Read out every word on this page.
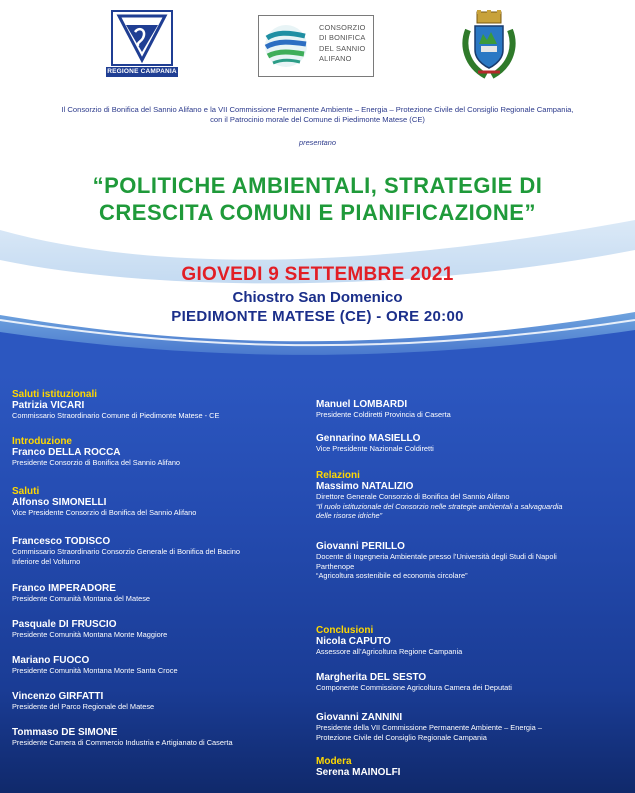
REGIONE CAMPANIA
CONSORZIO
DI BONIFICA
DEL SANNIO
ALIFANO
Il Consorzio di Bonifica del Sannio Alifano e la VII Commissione Permanente Ambiente – Energia – Protezione Civile del Consiglio Regionale Campania,
con il Patrocinio morale del Comune di Piedimonte Matese (CE)
presentano
“POLITICHE AMBIENTALI, STRATEGIE DI
CRESCITA COMUNI E PIANIFICAZIONE”
GIOVEDI 9 SETTEMBRE 2021
Chiostro San Domenico
PIEDIMONTE MATESE (CE) - ORE 20:00
Saluti istituzionali
Patrizia VICARI
Commissario Straordinario Comune di Piedimonte Matese - CE
Introduzione
Franco DELLA ROCCA
Presidente Consorzio di Bonifica del Sannio Alifano
Saluti
Alfonso SIMONELLI
Vice Presidente Consorzio di Bonifica del Sannio Alifano
Francesco TODISCO
Commissario Straordinario Consorzio Generale di Bonifica del Bacino
Inferiore del Volturno
Franco IMPERADORE
Presidente Comunità Montana del Matese
Pasquale DI FRUSCIO
Presidente Comunità Montana Monte Maggiore
Mariano FUOCO
Presidente Comunità Montana Monte Santa Croce
Vincenzo GIRFATTI
Presidente del Parco Regionale del Matese
Tommaso DE SIMONE
Presidente Camera di Commercio Industria e Artigianato di Caserta
Manuel LOMBARDI
Presidente Coldiretti Provincia di Caserta
Gennarino MASIELLO
Vice Presidente Nazionale Coldiretti
Relazioni
Massimo NATALIZIO
Direttore Generale Consorzio di Bonifica del Sannio Alifano
“Il ruolo istituzionale del Consorzio nelle strategie ambientali a salvaguardia
delle risorse idriche”
Giovanni PERILLO
Docente di Ingegneria Ambientale presso l’Università degli Studi di Napoli
Parthenope
“Agricoltura sostenibile ed economia circolare”
Conclusioni
Nicola CAPUTO
Assessore all’Agricoltura Regione Campania
Margherita DEL SESTO
Componente Commissione Agricoltura Camera dei Deputati
Giovanni ZANNINI
Presidente della VII Commissione Permanente Ambiente – Energia –
Protezione Civile del Consiglio Regionale Campania
Modera
Serena MAINOLFI
